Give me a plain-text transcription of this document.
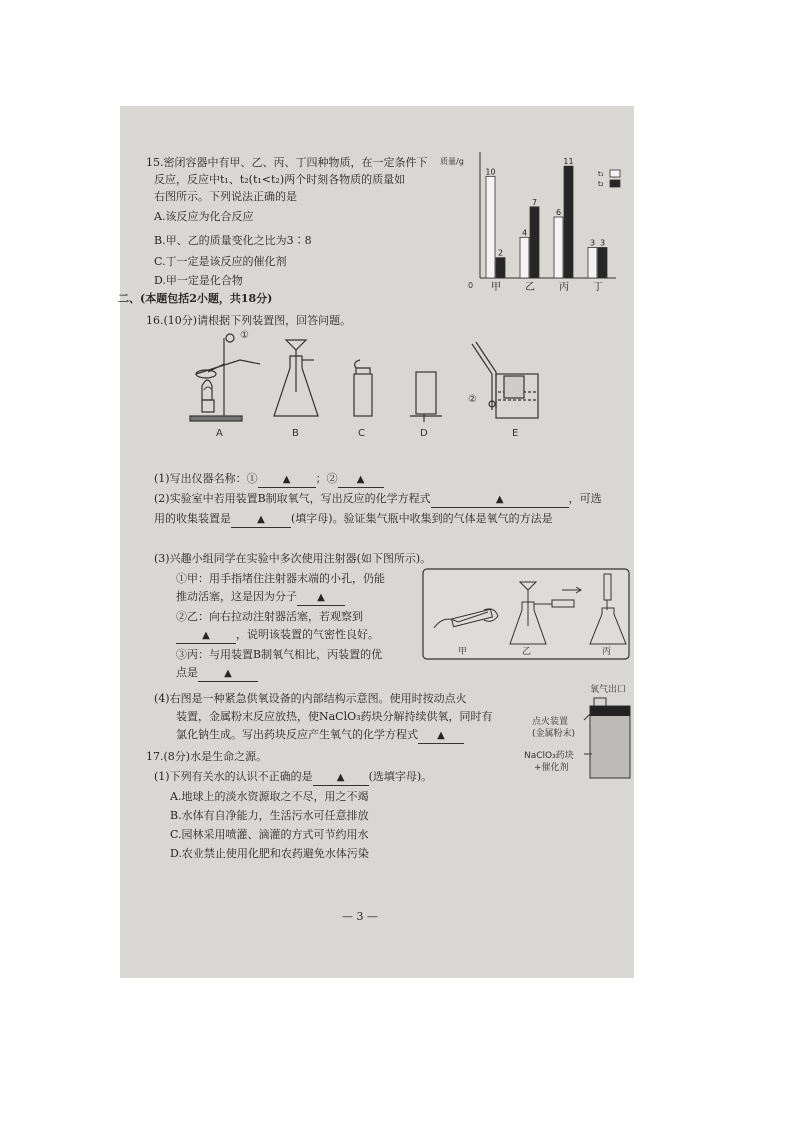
15.密闭容器中有甲、乙、丙、丁四种物质，在一定条件下
反应，反应中t₁、t₂(t₁<t₂)两个时刻各物质的质量如
右图所示。下列说法正确的是
A.该反应为化合反应
B.甲、乙的质量变化之比为3∶8
C.丁一定是该反应的催化剂
D.甲一定是化合物
质量/g
0
10
2
甲
4
7
乙
6
11
丙
3 3
丁
t₁
t₂
二、(本题包括2小题，共18分)
16.(10分)请根据下列装置图，回答问题。
①
A	B	C	D
②
E
(1)写出仪器名称：①	▲ ；② ▲
(2)实验室中若用装置B制取氧气，写出反应的化学方程式	▲	，可选
用的收集装置是	▲ (填字母)。验证集气瓶中收集到的气体是氧气的方法是
(3)兴趣小组同学在实验中多次使用注射器(如下图所示)。
①甲：用手指堵住注射器末端的小孔，仍能
推动活塞，这是因为分子 ▲
②乙：向右拉动注射器活塞，若观察到
▲ ，说明该装置的气密性良好。
③丙：与用装置B制氧气相比，丙装置的优
点是	▲
甲	乙	丙
(4)右图是一种紧急供氧设备的内部结构示意图。使用时按动点火
装置，金属粉末反应放热，使NaClO₃药块分解持续供氧，同时有
氯化钠生成。写出药块反应产生氧气的化学方程式 ▲
氧气出口
点火装置
(金属粉末)
NaClO₃药块
+催化剂
17.(8分)水是生命之源。
(1)下列有关水的认识不正确的是 ▲ (选填字母)。
A.地球上的淡水资源取之不尽，用之不竭
B.水体有自净能力，生活污水可任意排放
C.园林采用喷灌、滴灌的方式可节约用水
D.农业禁止使用化肥和农药避免水体污染
— 3 —
